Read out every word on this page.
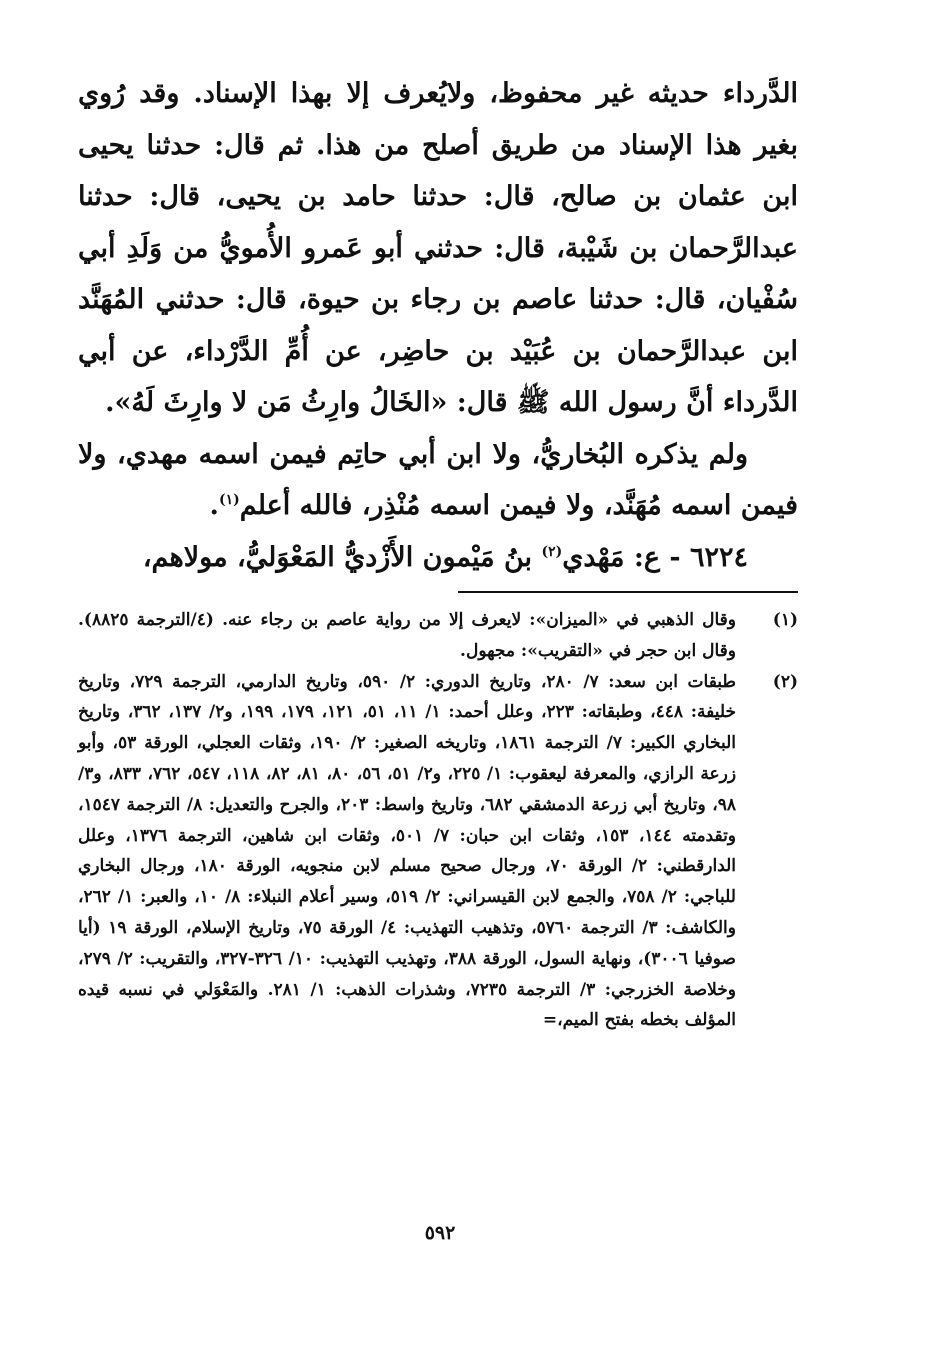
الدَّرداء حديثه غير محفوظ، ولايُعرف إلا بهذا الإسناد. وقد رُوي بغير هذا الإسناد من طريق أصلح من هذا. ثم قال: حدثنا يحيى ابن عثمان بن صالح، قال: حدثنا حامد بن يحيى، قال: حدثنا عبدالرَّحمان بن شَيْبة، قال: حدثني أبو عَمرو الأُمويُّ من وَلَدِ أبي سُفْيان، قال: حدثنا عاصم بن رجاء بن حيوة، قال: حدثني المُهَنَّد ابن عبدالرَّحمان بن عُبَيْد بن حاضِر، عن أُمِّ الدَّرْداء، عن أبي الدَّرداء أنَّ رسول الله ﷺ قال: «الخَالُ وارِثُ مَن لا وارِثَ لَهُ».

ولم يذكره البُخاريُّ، ولا ابن أبي حاتِم فيمن اسمه مهدي، ولا فيمن اسمه مُهَنَّد، ولا فيمن اسمه مُنْذِر، فالله أعلم$^{(١)}$.

٦٢٢٤ - ع: مَهْدي$^{(٢)}$ بنُ مَيْمون الأَزْديُّ المَعْوَليُّ، مولاهم،

(١)
وقال الذهبي في «الميزان»: لايعرف إلا من رواية عاصم بن رجاء عنه. (٤/الترجمة ٨٨٢٥). وقال ابن حجر في «التقريب»: مجهول.
(٢)
طبقات ابن سعد: ٧/ ٢٨٠، وتاريخ الدوري: ٢/ ٥٩٠، وتاريخ الدارمي، الترجمة ٧٢٩، وتاريخ خليفة: ٤٤٨، وطبقاته: ٢٢٣، وعلل أحمد: ١/ ١١، ٥١، ١٢١، ١٧٩، ١٩٩، و٢/ ١٣٧، ٣٦٢، وتاريخ البخاري الكبير: ٧/ الترجمة ١٨٦١، وتاريخه الصغير: ٢/ ١٩٠، وثقات العجلي، الورقة ٥٣، وأبو زرعة الرازي، والمعرفة ليعقوب: ١/ ٢٢٥، و٢/ ٥١، ٥٦، ٨٠، ٨١، ٨٢، ١١٨، ٥٤٧، ٧٦٢، ٨٣٣، و٣/ ٩٨، وتاريخ أبي زرعة الدمشقي ٦٨٢، وتاريخ واسط: ٢٠٣، والجرح والتعديل: ٨/ الترجمة ١٥٤٧، وتقدمته ١٤٤، ١٥٣، وثقات ابن حبان: ٧/ ٥٠١، وثقات ابن شاهين، الترجمة ١٣٧٦، وعلل الدارقطني: ٢/ الورقة ٧٠، ورجال صحيح مسلم لابن منجويه، الورقة ١٨٠، ورجال البخاري للباجي: ٢/ ٧٥٨، والجمع لابن القيسراني: ٢/ ٥١٩، وسير أعلام النبلاء: ٨/ ١٠، والعبر: ١/ ٢٦٢، والكاشف: ٣/ الترجمة ٥٧٦٠، وتذهيب التهذيب: ٤/ الورقة ٧٥، وتاريخ الإسلام، الورقة ١٩ (أيا صوفيا ٣٠٠٦)، ونهاية السول، الورقة ٣٨٨، وتهذيب التهذيب: ١٠/ ٣٢٦-٣٢٧، والتقريب: ٢/ ٢٧٩، وخلاصة الخزرجي: ٣/ الترجمة ٧٢٣٥، وشذرات الذهب: ١/ ٢٨١. والمَعْوَلي في نسبه قيده المؤلف بخطه بفتح الميم،=
٥٩٢
